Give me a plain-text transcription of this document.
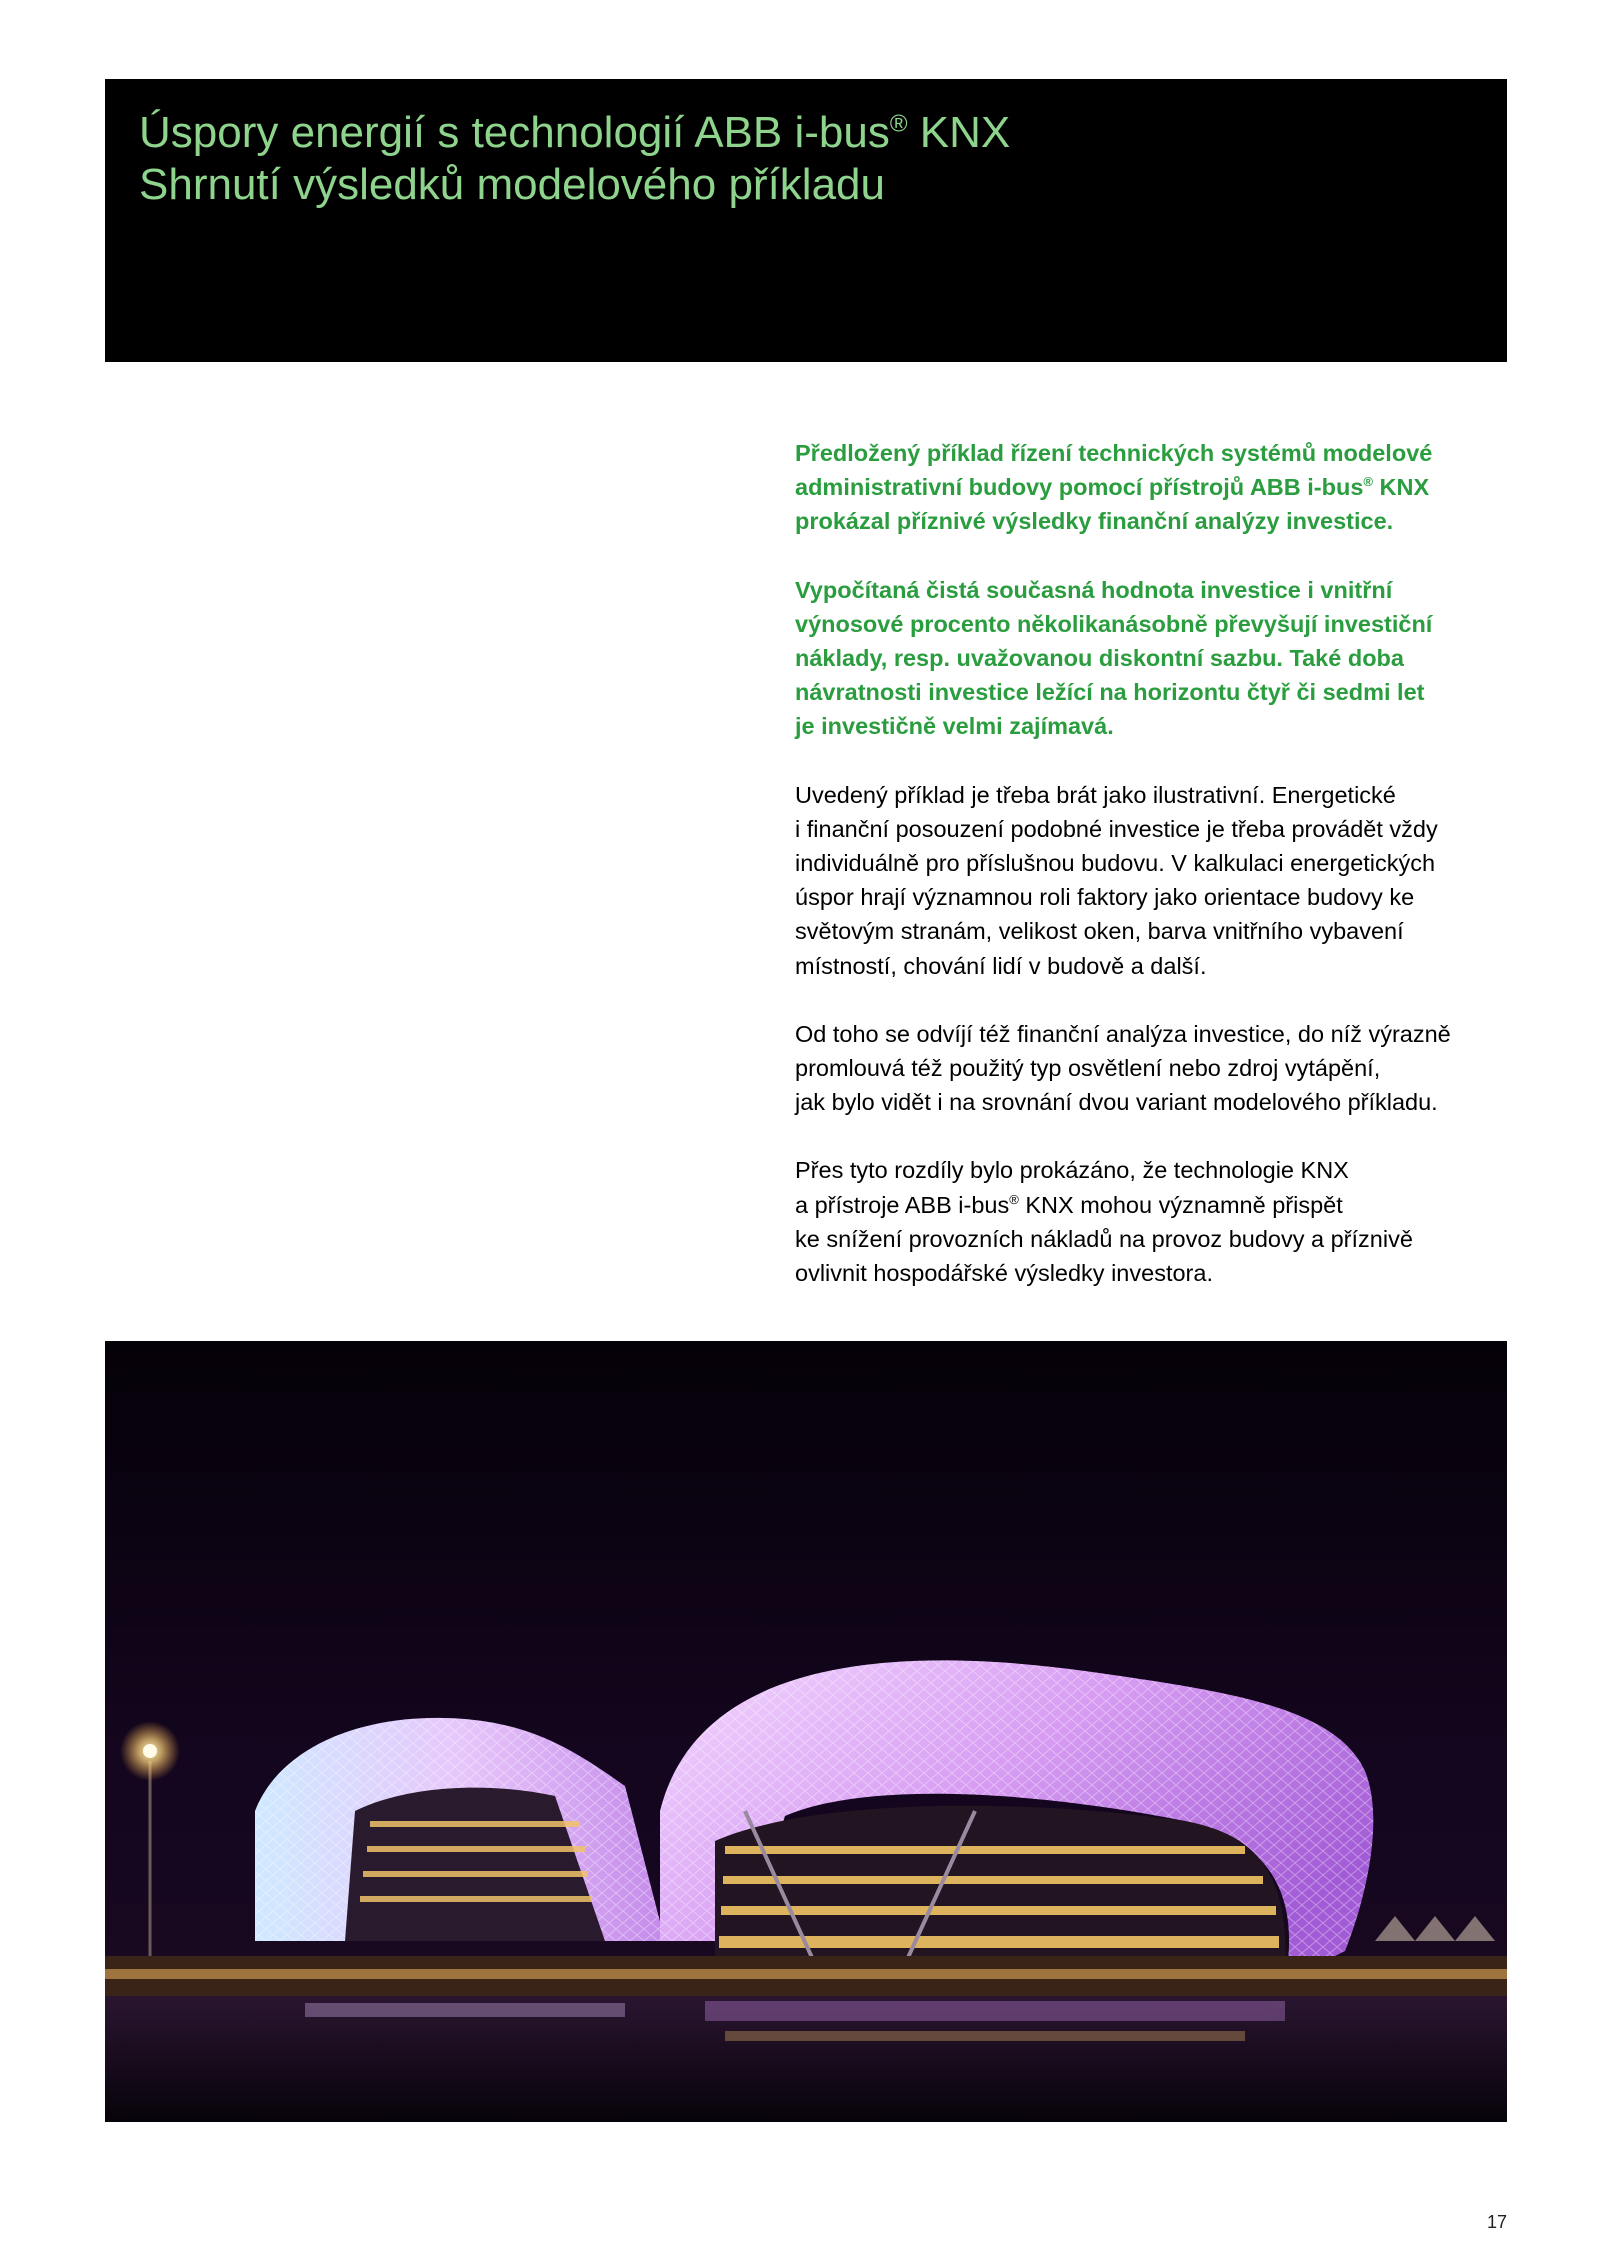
Úspory energií s technologií ABB i-bus® KNX
Shrnutí výsledků modelového příkladu

Předložený příklad řízení technických systémů modelové
administrativní budovy pomocí přístrojů ABB i-bus® KNX
prokázal příznivé výsledky finanční analýzy investice.

Vypočítaná čistá současná hodnota investice i vnitřní
výnosové procento několikanásobně převyšují investiční
náklady, resp. uvažovanou diskontní sazbu. Také doba
návratnosti investice ležící na horizontu čtyř či sedmi let
je investičně velmi zajímavá.

Uvedený příklad je třeba brát jako ilustrativní. Energetické
i finanční posouzení podobné investice je třeba provádět vždy
individuálně pro příslušnou budovu. V kalkulaci energetických
úspor hrají významnou roli faktory jako orientace budovy ke
světovým stranám, velikost oken, barva vnitřního vybavení
místností, chování lidí v budově a další.

Od toho se odvíjí též finanční analýza investice, do níž výrazně
promlouvá též použitý typ osvětlení nebo zdroj vytápění,
jak bylo vidět i na srovnání dvou variant modelového příkladu.

Přes tyto rozdíly bylo prokázáno, že technologie KNX
a přístroje ABB i-bus® KNX mohou významně přispět
ke snížení provozních nákladů na provoz budovy a příznivě
ovlivnit hospodářské výsledky investora.

17
